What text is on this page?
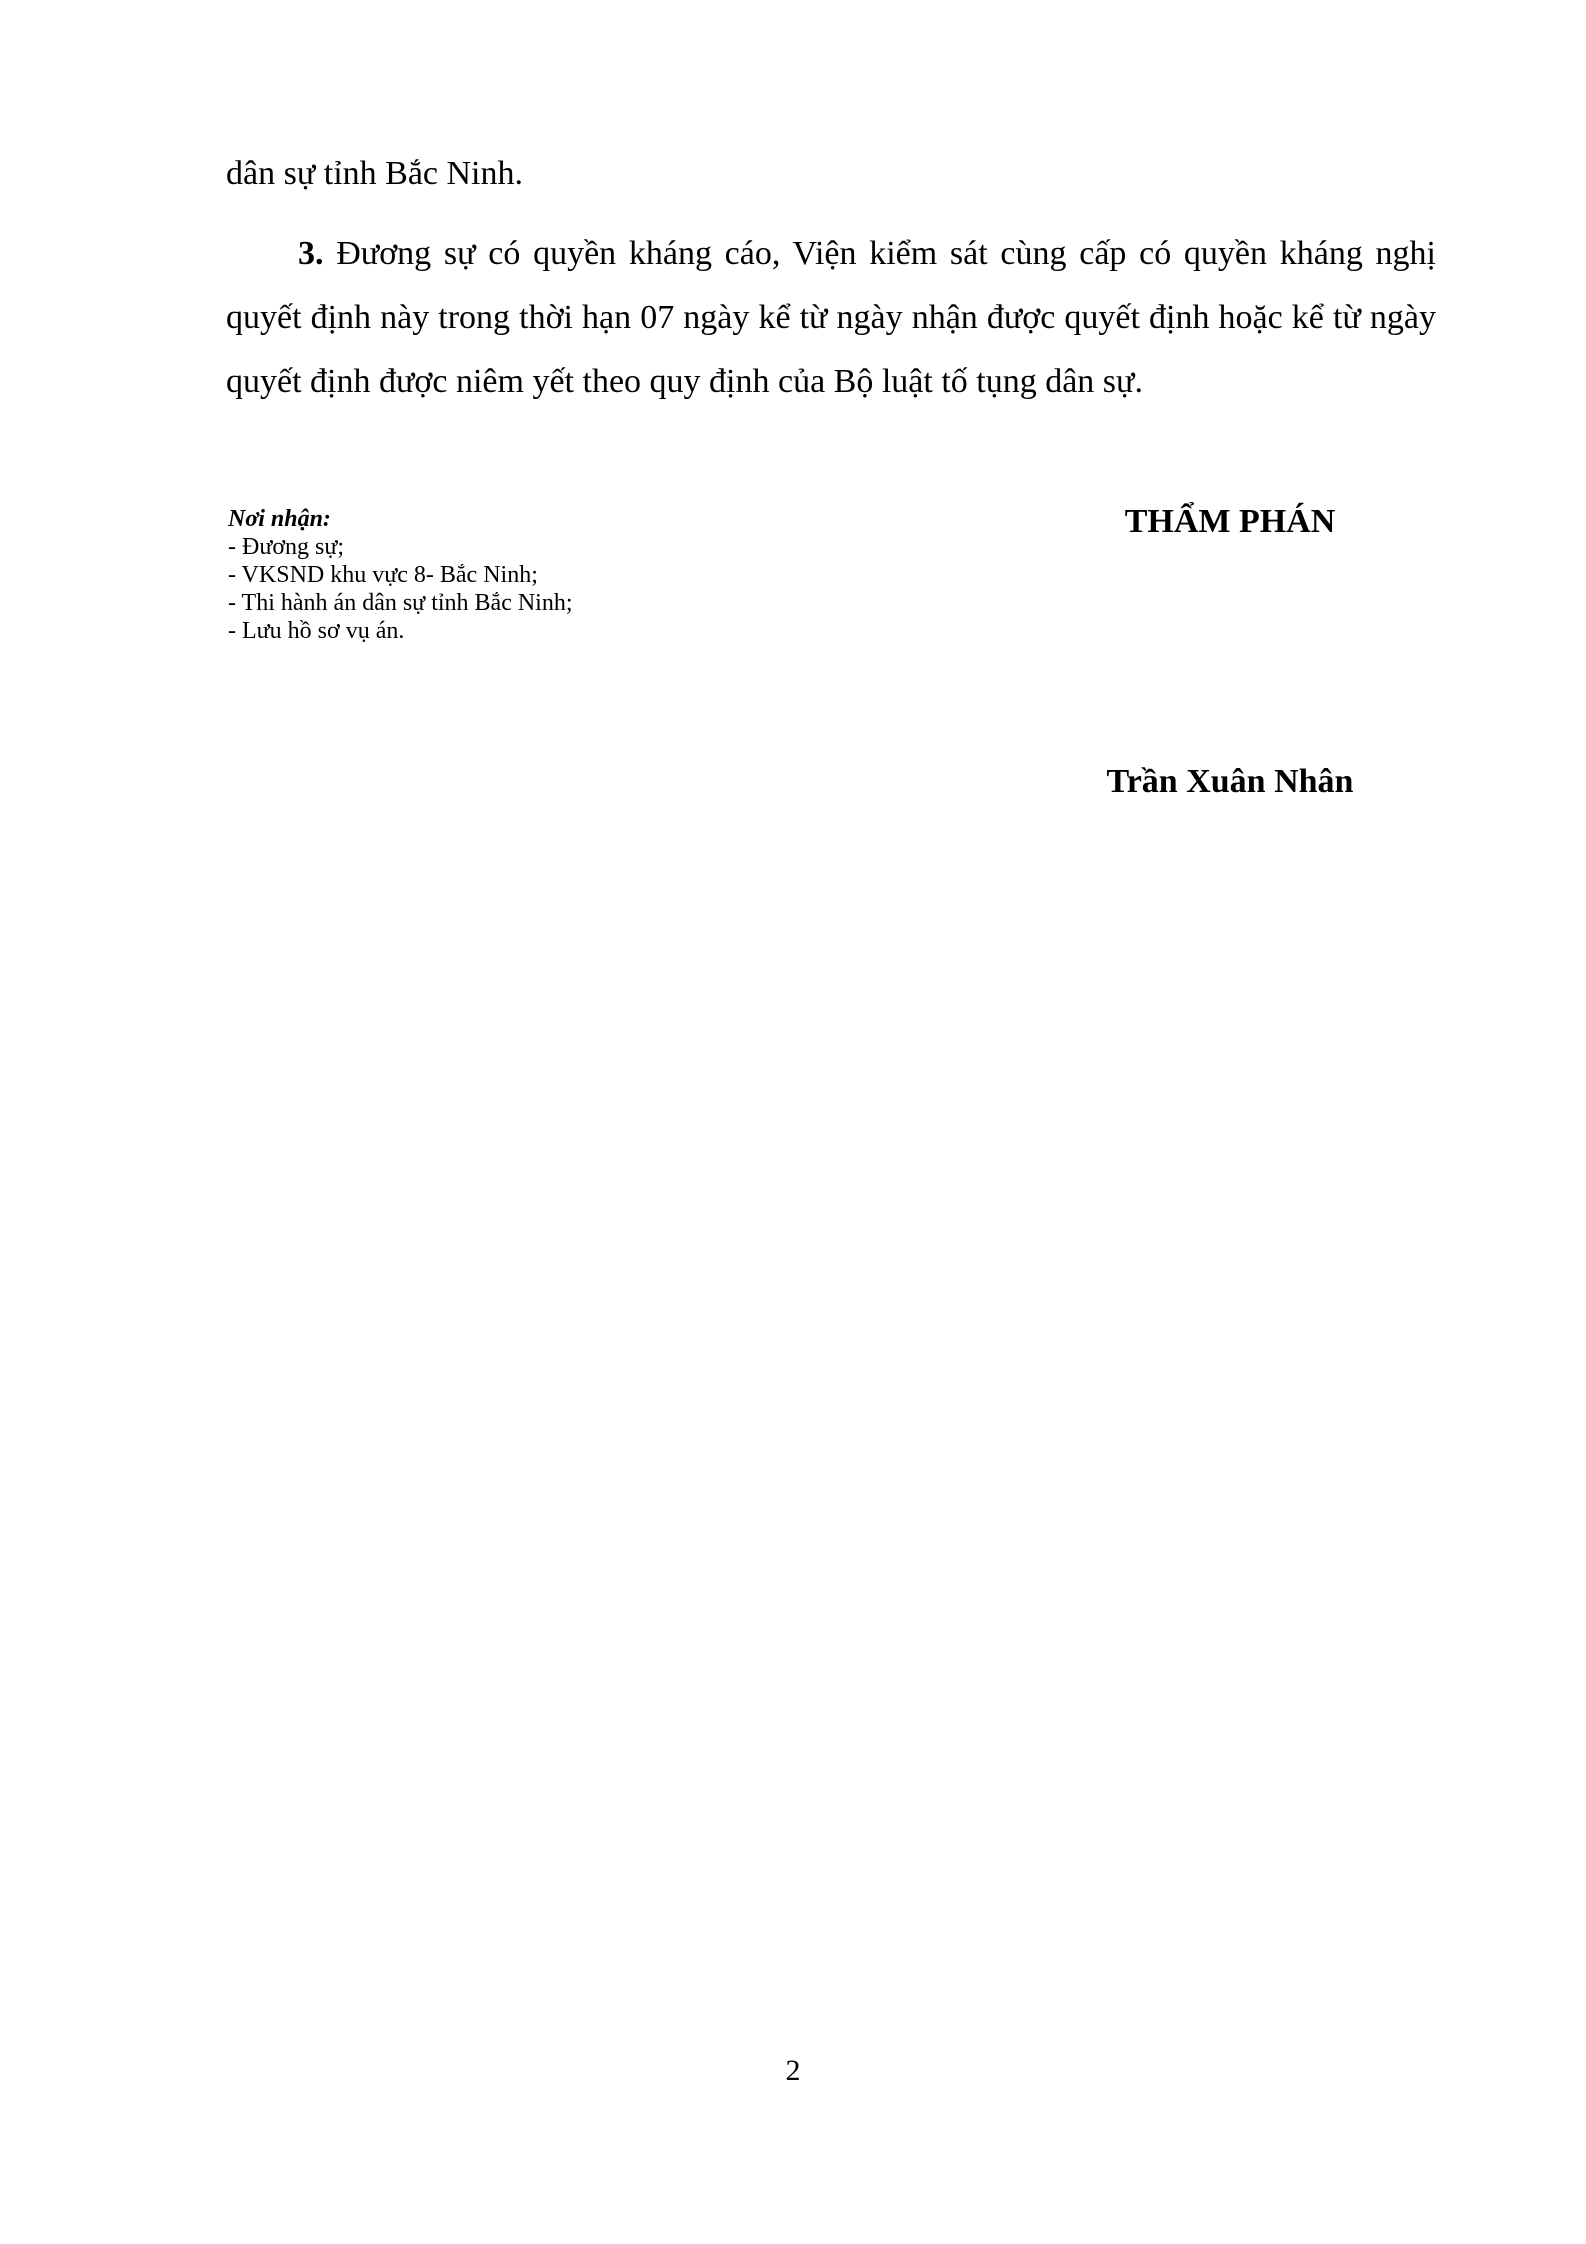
dân sự tỉnh Bắc Ninh.
3. Đương sự có quyền kháng cáo, Viện kiểm sát cùng cấp có quyền kháng nghị quyết định này trong thời hạn 07 ngày kể từ ngày nhận được quyết định hoặc kể từ ngày quyết định được niêm yết theo quy định của Bộ luật tố tụng dân sự.
Nơi nhận:
- Đương sự;
- VKSND khu vực 8- Bắc Ninh;
- Thi hành án dân sự tỉnh Bắc Ninh;
- Lưu hồ sơ vụ án.
THẨM PHÁN
Trần Xuân Nhân
2
